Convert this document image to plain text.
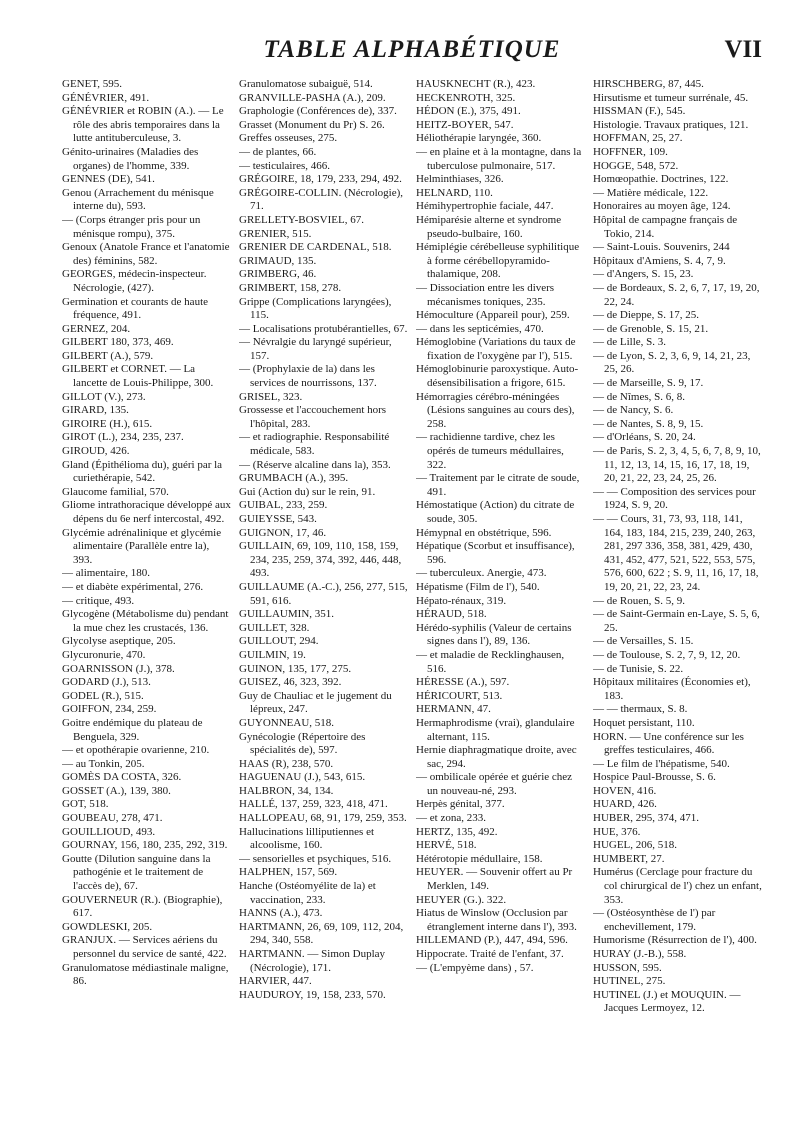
TABLE ALPHABÉTIQUE	VII

GENET, 595.

GÉNÉVRIER, 491.

GÉNÉVRIER et ROBIN (A.). — Le rôle des abris temporaires dans la lutte antituberculeuse, 3.

Génito-urinaires (Maladies des organes) de l'homme, 339.

GENNES (DE), 541.

Genou (Arrachement du ménisque interne du), 593.

— (Corps étranger pris pour un ménisque rompu), 375.

Genoux (Anatole France et l'anatomie des) féminins, 582.

GEORGES, médecin-inspecteur. Nécrologie, (427).

Germination et courants de haute fréquence, 491.

GERNEZ, 204.

GILBERT 180, 373, 469.

GILBERT (A.), 579.

GILBERT et CORNET. — La lancette de Louis-Philippe, 300.

GILLOT (V.), 273.

GIRARD, 135.

GIROIRE (H.), 615.

GIROT (L.), 234, 235, 237.

GIROUD, 426.

Gland (Épithélioma du), guéri par la curiethérapie, 542.

Glaucome familial, 570.

Gliome intrathoracique développé aux dépens du 6e nerf intercostal, 492.

Glycémie adrénalinique et glycémie alimentaire (Parallèle entre la), 393.

— alimentaire, 180.

— et diabète expérimental, 276.

— critique, 493.

Glycogène (Métabolisme du) pendant la mue chez les crustacés, 136.

Glycolyse aseptique, 205.

Glycuronurie, 470.

GOARNISSON (J.), 378.

GODARD (J.), 513.

GODEL (R.), 515.

GOIFFON, 234, 259.

Goitre endémique du plateau de Benguela, 329.

— et opothérapie ovarienne, 210.

— au Tonkin, 205.

GOMÈS DA COSTA, 326.

GOSSET (A.), 139, 380.

GOT, 518.

GOUBEAU, 278, 471.

GOUILLIOUD, 493.

GOURNAY, 156, 180, 235, 292, 319.

Goutte (Dilution sanguine dans la pathogénie et le traitement de l'accès de), 67.

GOUVERNEUR (R.). (Biographie), 617.

GOWDLESKI, 205.

GRANJUX. — Services aériens du personnel du service de santé, 422.

Granulomatose médiastinale maligne, 86.

Granulomatose subaiguë, 514.

GRANVILLE-PASHA (A.), 209.

Graphologie (Conférences de), 337.

Grasset (Monument du Pr) S. 26.

Greffes osseuses, 275.

— de plantes, 66.

— testiculaires, 466.

GRÉGOIRE, 18, 179, 233, 294, 492.

GRÉGOIRE-COLLIN. (Nécrologie), 71.

GRELLETY-BOSVIEL, 67.

GRENIER, 515.

GRENIER DE CARDENAL, 518.

GRIMAUD, 135.

GRIMBERG, 46.

GRIMBERT, 158, 278.

Grippe (Complications laryngées), 115.

— Localisations protubérantielles, 67.

— Névralgie du laryngé supérieur, 157.

— (Prophylaxie de la) dans les services de nourrissons, 137.

GRISEL, 323.

Grossesse et l'accouchement hors l'hôpital, 283.

— et radiographie. Responsabilité médicale, 583.

— (Réserve alcaline dans la), 353.

GRUMBACH (A.), 395.

Gui (Action du) sur le rein, 91.

GUIBAL, 233, 259.

GUIEYSSE, 543.

GUIGNON, 17, 46.

GUILLAIN, 69, 109, 110, 158, 159, 234, 235, 259, 374, 392, 446, 448, 493.

GUILLAUME (A.-C.), 256, 277, 515, 591, 616.

GUILLAUMIN, 351.

GUILLET, 328.

GUILLOUT, 294.

GUILMIN, 19.

GUINON, 135, 177, 275.

GUISEZ, 46, 323, 392.

Guy de Chauliac et le jugement du lépreux, 247.

GUYONNEAU, 518.

Gynécologie (Répertoire des spécialités de), 597.

HAAS (R), 238, 570.

HAGUENAU (J.), 543, 615.

HALBRON, 34, 134.

HALLÉ, 137, 259, 323, 418, 471.

HALLOPEAU, 68, 91, 179, 259, 353.

Hallucinations lilliputiennes et alcoolisme, 160.

— sensorielles et psychiques, 516.

HALPHEN, 157, 569.

Hanche (Ostéomyélite de la) et vaccination, 233.

HANNS (A.), 473.

HARTMANN, 26, 69, 109, 112, 204, 294, 340, 558.

HARTMANN. — Simon Duplay (Nécrologie), 171.

HARVIER, 447.

HAUDUROY, 19, 158, 233, 570.

HAUSKNECHT (R.), 423.

HECKENROTH, 325.

HÉDON (E.), 375, 491.

HEITZ-BOYER, 547.

Héliothérapie laryngée, 360.

— en plaine et à la montagne, dans la tuberculose pulmonaire, 517.

Helminthiases, 326.

HELNARD, 110.

Hémihypertrophie faciale, 447.

Hémiparésie alterne et syndrome pseudo-bulbaire, 160.

Hémiplégie cérébelleuse syphilitique à forme cérébellopyramido-thalamique, 208.

— Dissociation entre les divers mécanismes toniques, 235.

Hémoculture (Appareil pour), 259.

— dans les septicémies, 470.

Hémoglobine (Variations du taux de fixation de l'oxygène par l'), 515.

Hémoglobinurie paroxystique. Auto-désensibilisation a frigore, 615.

Hémorragies cérébro-méningées (Lésions sanguines au cours des), 258.

— rachidienne tardive, chez les opérés de tumeurs médullaires, 322.

— Traitement par le citrate de soude, 491.

Hémostatique (Action) du citrate de soude, 305.

Hémypnal en obstétrique, 596.

Hépatique (Scorbut et insuffisance), 596.

— tuberculeux. Anergie, 473.

Hépatisme (Film de l'), 540.

Hépato-rénaux, 319.

HÉRAUD, 518.

Hérédo-syphilis (Valeur de certains signes dans l'), 89, 136.

— et maladie de Recklinghausen, 516.

HÉRESSE (A.), 597.

HÉRICOURT, 513.

HERMANN, 47.

Hermaphrodisme (vrai), glandulaire alternant, 115.

Hernie diaphragmatique droite, avec sac, 294.

— ombilicale opérée et guérie chez un nouveau-né, 293.

Herpès génital, 377.

— et zona, 233.

HERTZ, 135, 492.

HERVÉ, 518.

Hétérotopie médullaire, 158.

HEUYER. — Souvenir offert au Pr Merklen, 149.

HEUYER (G.). 322.

Hiatus de Winslow (Occlusion par étranglement interne dans l'), 393.

HILLEMAND (P.), 447, 494, 596.

Hippocrate. Traité de l'enfant, 37.

— (L'empyème dans) , 57.

HIRSCHBERG, 87, 445.

Hirsutisme et tumeur surrénale, 45.

HISSMAN (F.), 545.

Histologie. Travaux pratiques, 121.

HOFFMAN, 25, 27.

HOFFNER, 109.

HOGGE, 548, 572.

Homœopathie. Doctrines, 122.

— Matière médicale, 122.

Honoraires au moyen âge, 124.

Hôpital de campagne français de Tokio, 214.

— Saint-Louis. Souvenirs, 244

Hôpitaux d'Amiens, S. 4, 7, 9.

— d'Angers, S. 15, 23.

— de Bordeaux, S. 2, 6, 7, 17, 19, 20, 22, 24.

— de Dieppe, S. 17, 25.

— de Grenoble, S. 15, 21.

— de Lille, S. 3.

— de Lyon, S. 2, 3, 6, 9, 14, 21, 23, 25, 26.

— de Marseille, S. 9, 17.

— de Nîmes, S. 6, 8.

— de Nancy, S. 6.

— de Nantes, S. 8, 9, 15.

— d'Orléans, S. 20, 24.

— de Paris, S. 2, 3, 4, 5, 6, 7, 8, 9, 10, 11, 12, 13, 14, 15, 16, 17, 18, 19, 20, 21, 22, 23, 24, 25, 26.

— — Composition des services pour 1924, S. 9, 20.

— — Cours, 31, 73, 93, 118, 141, 164, 183, 184, 215, 239, 240, 263, 281, 297 336, 358, 381, 429, 430, 431, 452, 477, 521, 522, 553, 575, 576, 600, 622 ; S. 9, 11, 16, 17, 18, 19, 20, 21, 22, 23, 24.

— de Rouen, S. 5, 9.

— de Saint-Germain en-Laye, S. 5, 6, 25.

— de Versailles, S. 15.

— de Toulouse, S. 2, 7, 9, 12, 20.

— de Tunisie, S. 22.

Hôpitaux militaires (Économies et), 183.

— — thermaux, S. 8.

Hoquet persistant, 110.

HORN. — Une conférence sur les greffes testiculaires, 466.

— Le film de l'hépatisme, 540.

Hospice Paul-Brousse, S. 6.

HOVEN, 416.

HUARD, 426.

HUBER, 295, 374, 471.

HUE, 376.

HUGEL, 206, 518.

HUMBERT, 27.

Humérus (Cerclage pour fracture du col chirurgical de l') chez un enfant, 353.

— (Ostéosynthèse de l') par enchevillement, 179.

Humorisme (Résurrection de l'), 400.

HURAY (J.-B.), 558.

HUSSON, 595.

HUTINEL, 275.

HUTINEL (J.) et MOUQUIN. — Jacques Lermoyez, 12.
